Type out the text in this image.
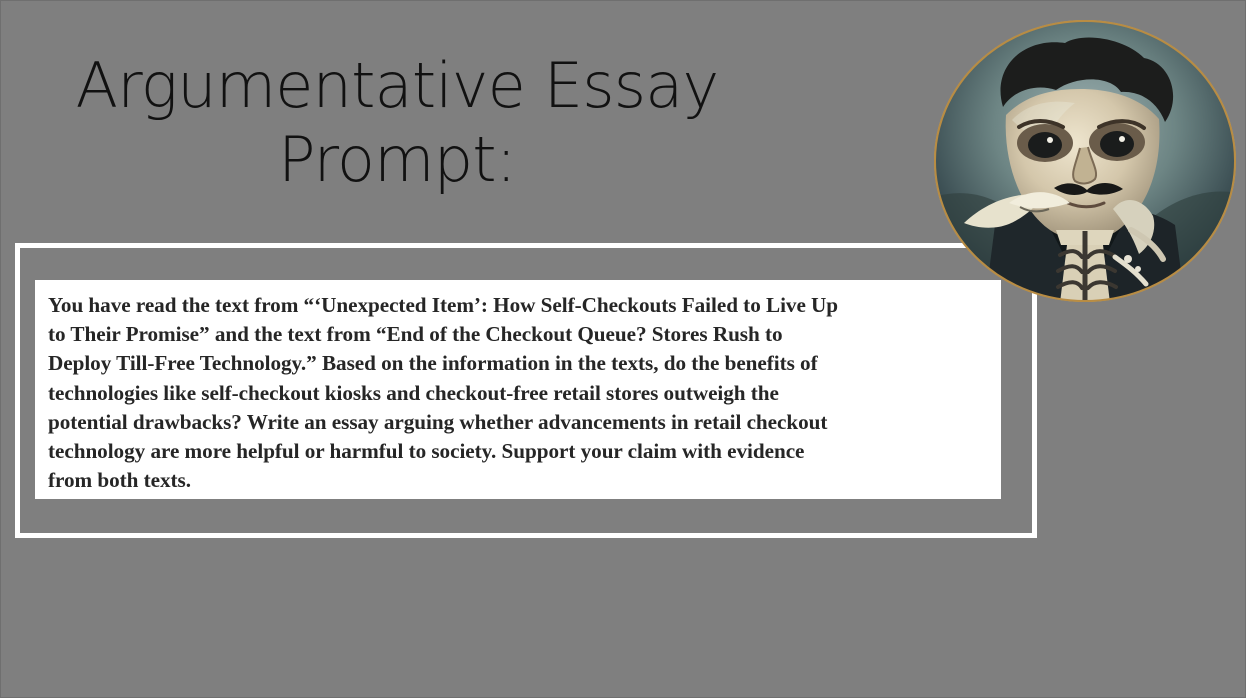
Argumentative Essay
Prompt:

You have read the text from “‘Unexpected Item’: How Self-Checkouts Failed to Live Up
to Their Promise” and the text from “End of the Checkout Queue? Stores Rush to
Deploy Till-Free Technology.” Based on the information in the texts, do the benefits of
technologies like self-checkout kiosks and checkout-free retail stores outweigh the
potential drawbacks? Write an essay arguing whether advancements in retail checkout
technology are more helpful or harmful to society. Support your claim with evidence
from both texts.
